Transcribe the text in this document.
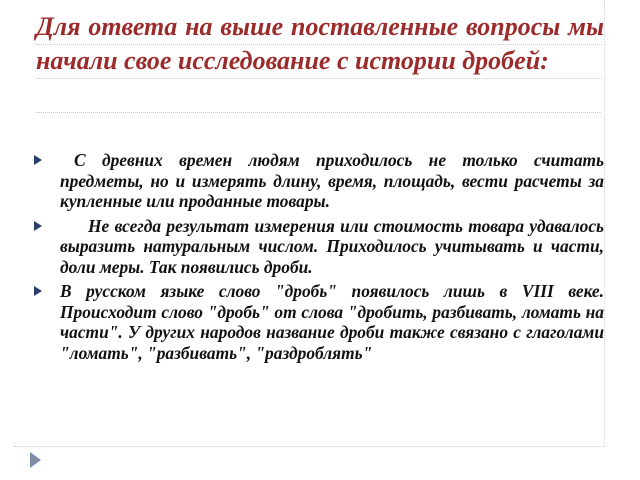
Для ответа на выше поставленные вопросы мы начали свое исследование с истории дробей:
С древних времен людям приходилось не только считать предметы, но и измерять длину, время, площадь, вести расчеты за купленные или проданные товары.
Не всегда результат измерения или стоимость товара удавалось выразить натуральным числом. Приходилось учитывать и части, доли меры. Так появились дроби.
В русском языке слово "дробь" появилось лишь в VIII веке. Происходит слово "дробь" от слова "дробить, разбивать, ломать на части". У других народов название дроби также связано с глаголами "ломать", "разбивать", "раздроблять"
